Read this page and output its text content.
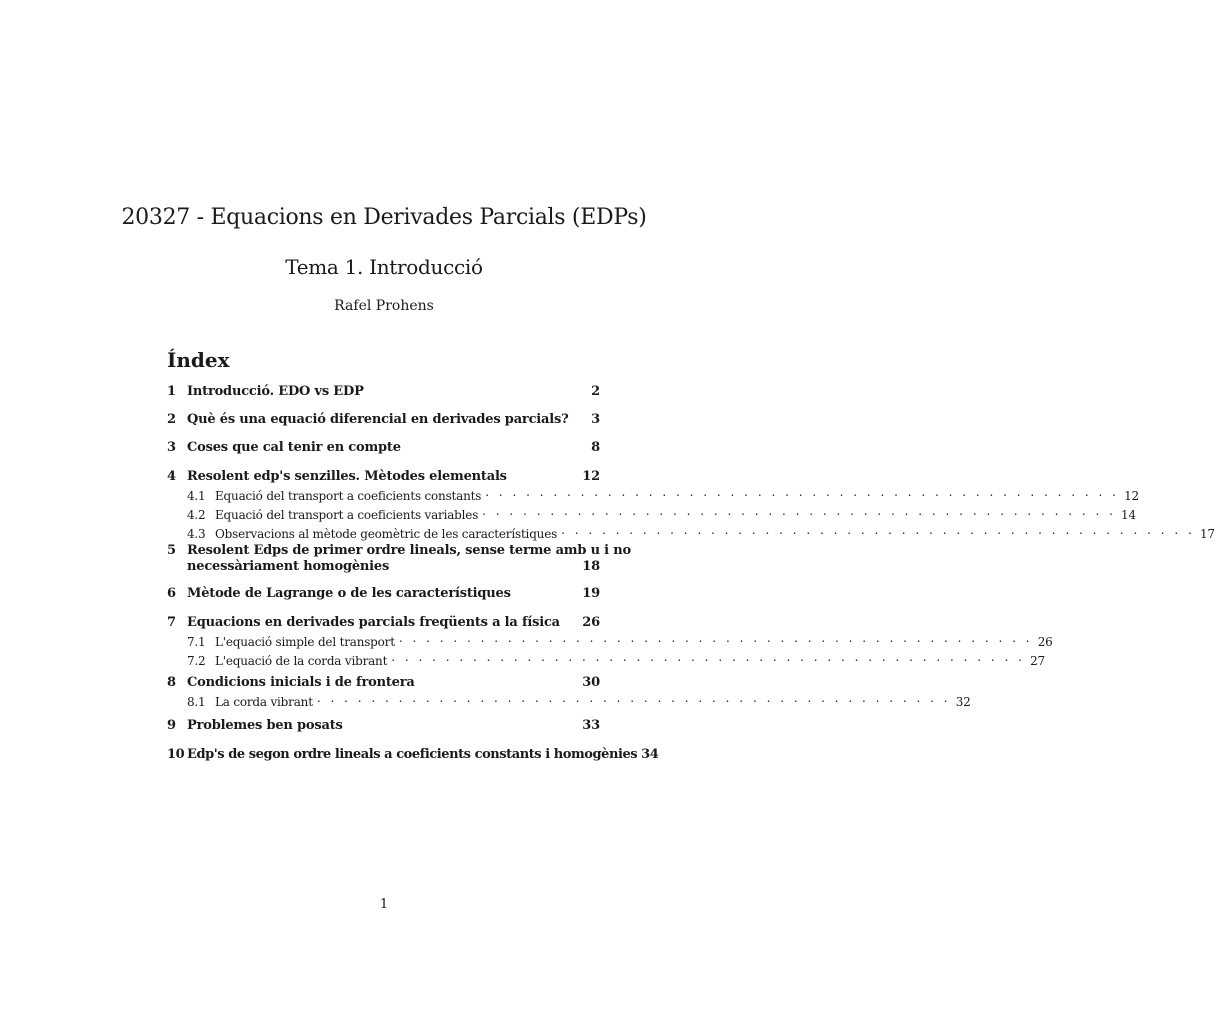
20327 - Equacions en Derivades Parcials (EDPs)
Tema 1. Introducció
Rafel Prohens
Índex
1 Introducció. EDO vs EDP	2
2 Què és una equació diferencial en derivades parcials?	3
3 Coses que cal tenir en compte	8
4 Resolent edp's senzilles. Mètodes elementals	12
4.1 Equació del transport a coeficients constants . . .	12
4.2 Equació del transport a coeficients variables . . .	14
4.3 Observacions al mètode geomètric de les característiques . . .	17
5 Resolent Edps de primer ordre lineals, sense terme amb u i no
necessàriament homogènies	18
6 Mètode de Lagrange o de les característiques	19
7 Equacions en derivades parcials freqüents a la física	26
7.1 L'equació simple del transport . . .	26
7.2 L'equació de la corda vibrant . . .	27
8 Condicions inicials i de frontera	30
8.1 La corda vibrant . . .	32
9 Problemes ben posats	33
10 Edp's de segon ordre lineals a coeficients constants i homogènies 34
1
